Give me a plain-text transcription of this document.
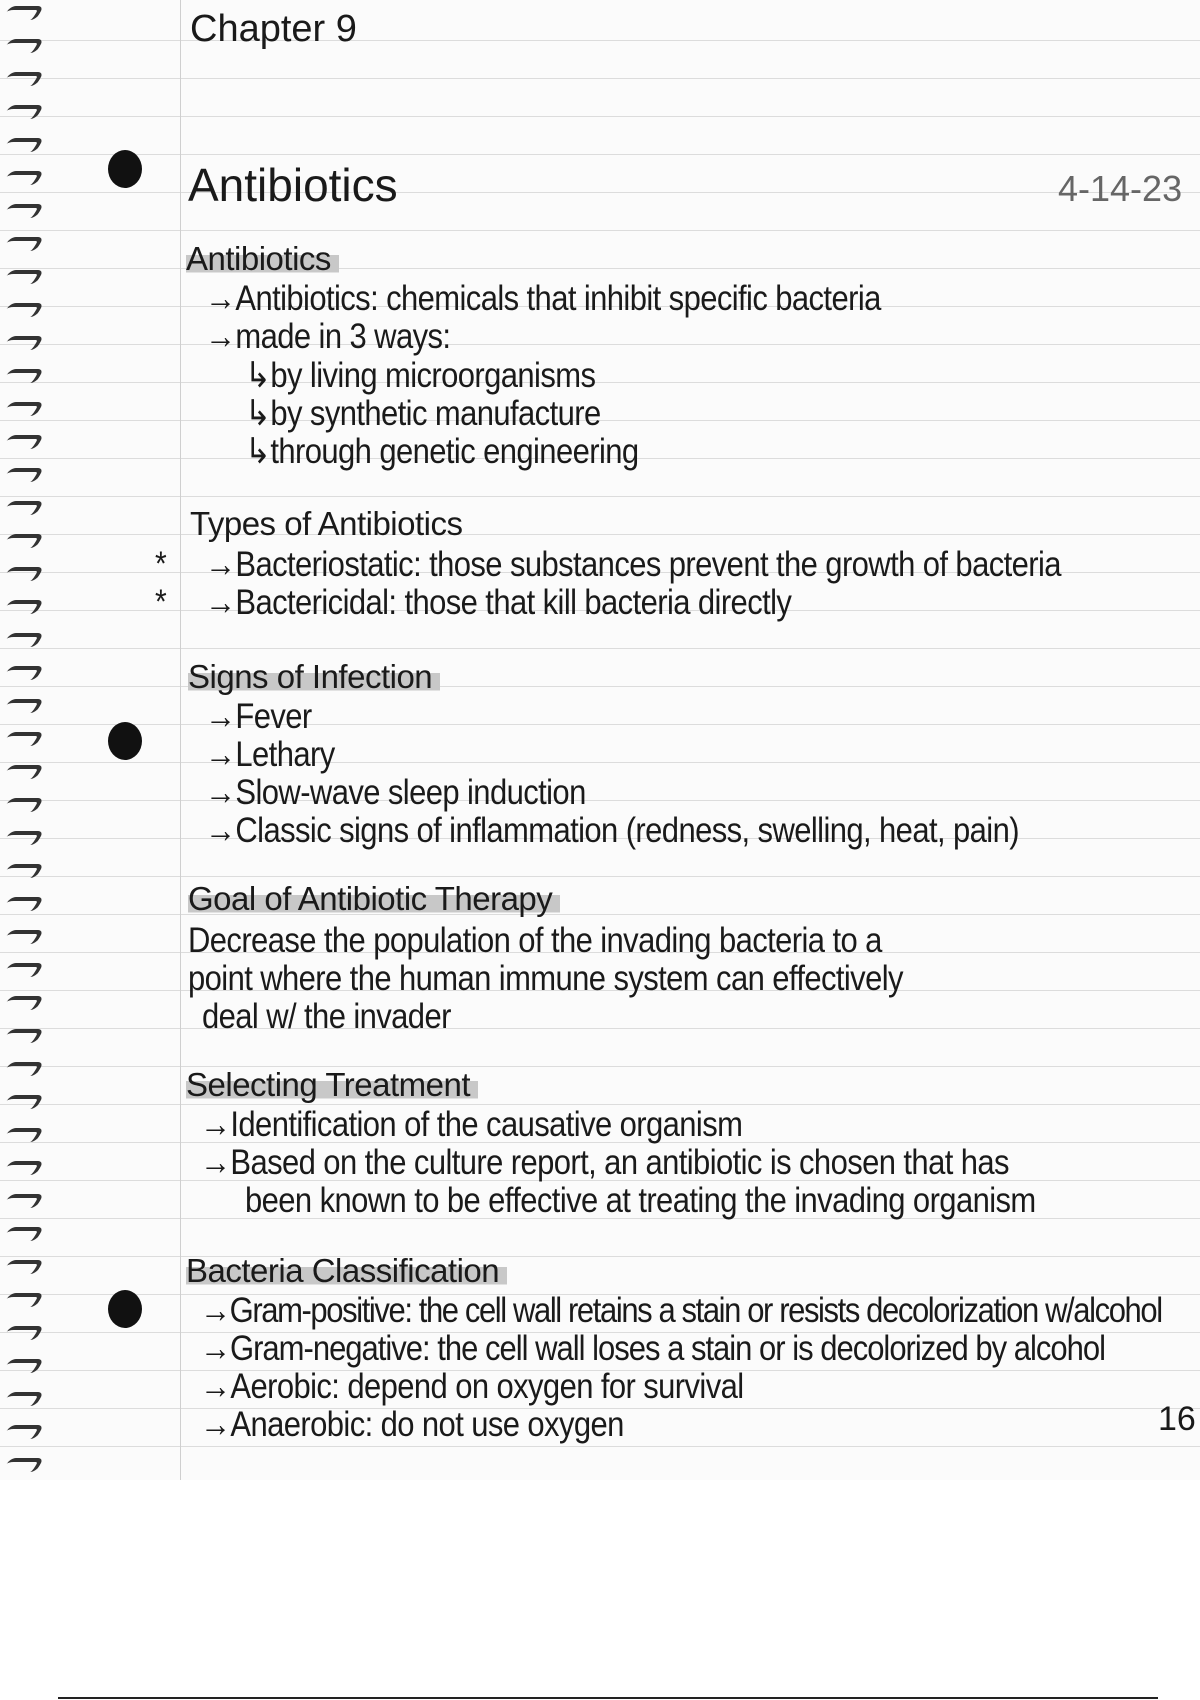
Chapter 9
Antibiotics	4-14-23
Antibiotics
→Antibiotics: chemicals that inhibit specific bacteria
→made in 3 ways:
↳by living microorganisms
↳by synthetic manufacture
↳through genetic engineering
Types of Antibiotics
*
*
→Bacteriostatic: those substances prevent the growth of bacteria
→Bactericidal: those that kill bacteria directly
Signs of Infection
→Fever
→Lethary
→Slow-wave sleep induction
→Classic signs of inflammation (redness, swelling, heat, pain)
Goal of Antibiotic Therapy
Decrease the population of the invading bacteria to a
point where the human immune system can effectively
deal w/ the invader
Selecting Treatment
→Identification of the causative organism
→Based on the culture report, an antibiotic is chosen that has
been known to be effective at treating the invading organism
Bacteria Classification
→Gram-positive: the cell wall retains a stain or resists decolorization w/alcohol
→Gram-negative: the cell wall loses a stain or is decolorized by alcohol
→Aerobic: depend on oxygen for survival
→Anaerobic: do not use oxygen	16
